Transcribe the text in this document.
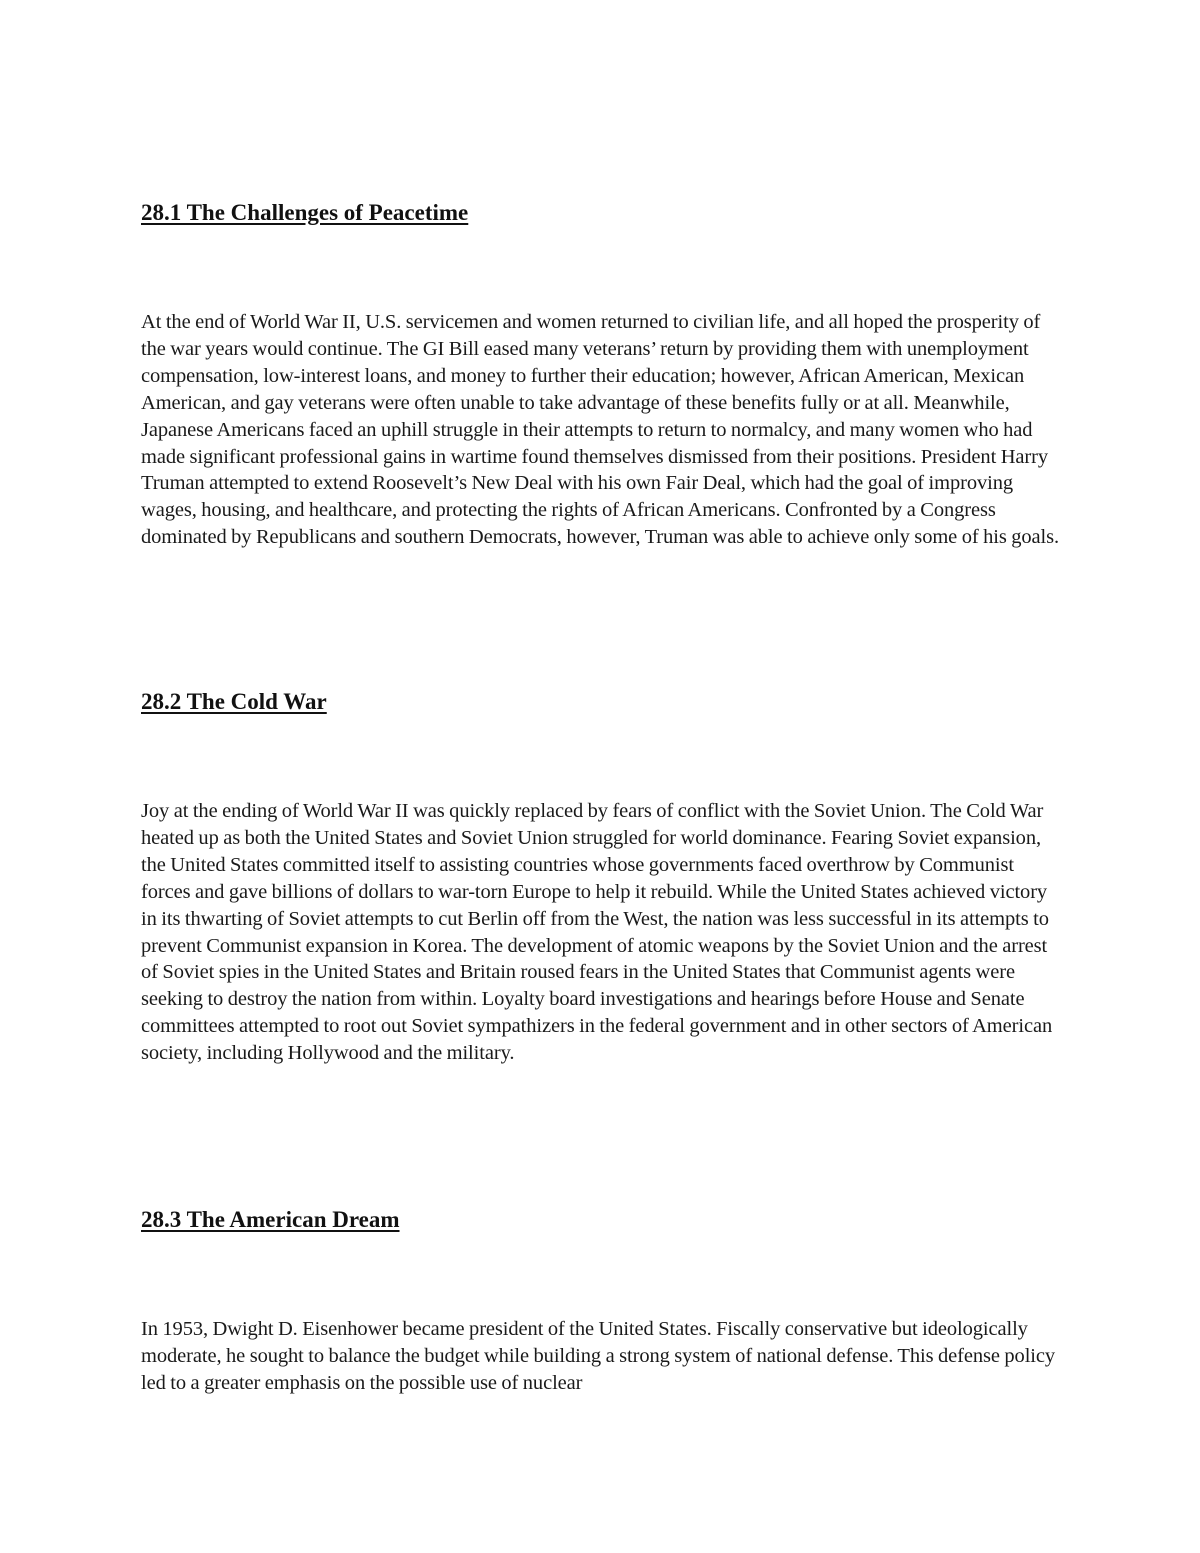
28.1 The Challenges of Peacetime

At the end of World War II, U.S. servicemen and women returned to civilian life, and all hoped the prosperity of the war years would continue. The GI Bill eased many veterans’ return by providing them with unemployment compensation, low-interest loans, and money to further their education; however, African American, Mexican American, and gay veterans were often unable to take advantage of these benefits fully or at all. Meanwhile, Japanese Americans faced an uphill struggle in their attempts to return to normalcy, and many women who had made significant professional gains in wartime found themselves dismissed from their positions. President Harry Truman attempted to extend Roosevelt’s New Deal with his own Fair Deal, which had the goal of improving wages, housing, and healthcare, and protecting the rights of African Americans. Confronted by a Congress dominated by Republicans and southern Democrats, however, Truman was able to achieve only some of his goals.

28.2 The Cold War

Joy at the ending of World War II was quickly replaced by fears of conflict with the Soviet Union. The Cold War heated up as both the United States and Soviet Union struggled for world dominance. Fearing Soviet expansion, the United States committed itself to assisting countries whose governments faced overthrow by Communist forces and gave billions of dollars to war-torn Europe to help it rebuild. While the United States achieved victory in its thwarting of Soviet attempts to cut Berlin off from the West, the nation was less successful in its attempts to prevent Communist expansion in Korea. The development of atomic weapons by the Soviet Union and the arrest of Soviet spies in the United States and Britain roused fears in the United States that Communist agents were seeking to destroy the nation from within. Loyalty board investigations and hearings before House and Senate committees attempted to root out Soviet sympathizers in the federal government and in other sectors of American society, including Hollywood and the military.

28.3 The American Dream

In 1953, Dwight D. Eisenhower became president of the United States. Fiscally conservative but ideologically moderate, he sought to balance the budget while building a strong system of national defense. This defense policy led to a greater emphasis on the possible use of nuclear
